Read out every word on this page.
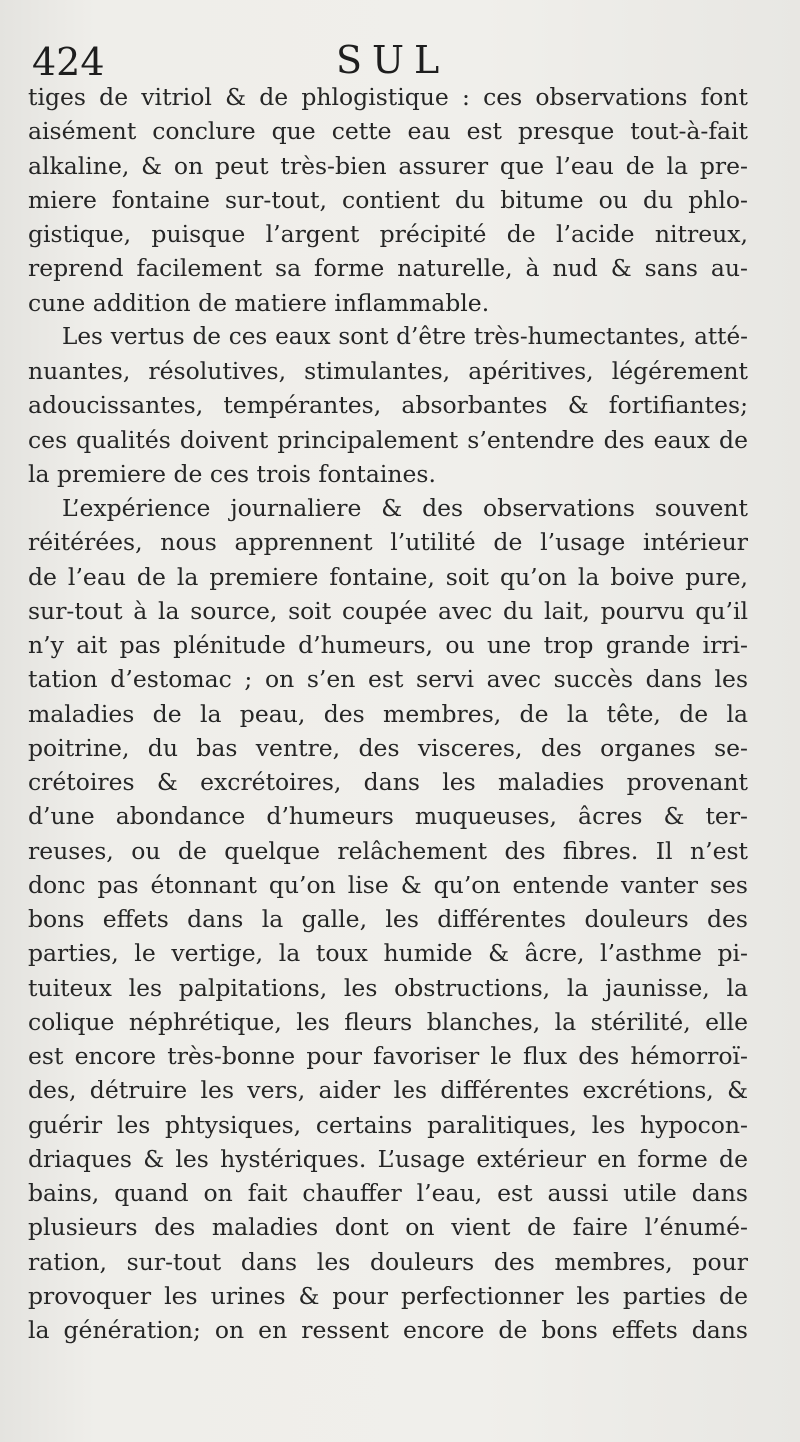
424	SUL
tiges de vitriol & de phlogistique : ces observations font
aisément conclure que cette eau est presque tout-à-fait
alkaline, & on peut très-bien assurer que l’eau de la pre-
miere fontaine sur-tout, contient du bitume ou du phlo-
gistique, puisque l’argent précipité de l’acide nitreux,
reprend facilement sa forme naturelle, à nud & sans au-
cune addition de matiere inflammable.
Les vertus de ces eaux sont d’être très-humectantes, atté-
nuantes, résolutives, stimulantes, apéritives, légérement
adoucissantes, tempérantes, absorbantes & fortifiantes;
ces qualités doivent principalement s’entendre des eaux de
la premiere de ces trois fontaines.
L’expérience journaliere & des observations souvent
réitérées, nous apprennent l’utilité de l’usage intérieur
de l’eau de la premiere fontaine, soit qu’on la boive pure,
sur-tout à la source, soit coupée avec du lait, pourvu qu’il
n’y ait pas plénitude d’humeurs, ou une trop grande irri-
tation d’estomac ; on s’en est servi avec succès dans les
maladies de la peau, des membres, de la tête, de la
poitrine, du bas ventre, des visceres, des organes se-
crétoires & excrétoires, dans les maladies provenant
d’une abondance d’humeurs muqueuses, âcres & ter-
reuses, ou de quelque relâchement des fibres. Il n’est
donc pas étonnant qu’on lise & qu’on entende vanter ses
bons effets dans la galle, les différentes douleurs des
parties, le vertige, la toux humide & âcre, l’asthme pi-
tuiteux les palpitations, les obstructions, la jaunisse, la
colique néphrétique, les fleurs blanches, la stérilité, elle
est encore très-bonne pour favoriser le flux des hémorroï-
des, détruire les vers, aider les différentes excrétions, &
guérir les phtysiques, certains paralitiques, les hypocon-
driaques & les hystériques. L’usage extérieur en forme de
bains, quand on fait chauffer l’eau, est aussi utile dans
plusieurs des maladies dont on vient de faire l’énumé-
ration, sur-tout dans les douleurs des membres, pour
provoquer les urines & pour perfectionner les parties de
la génération; on en ressent encore de bons effets dans
